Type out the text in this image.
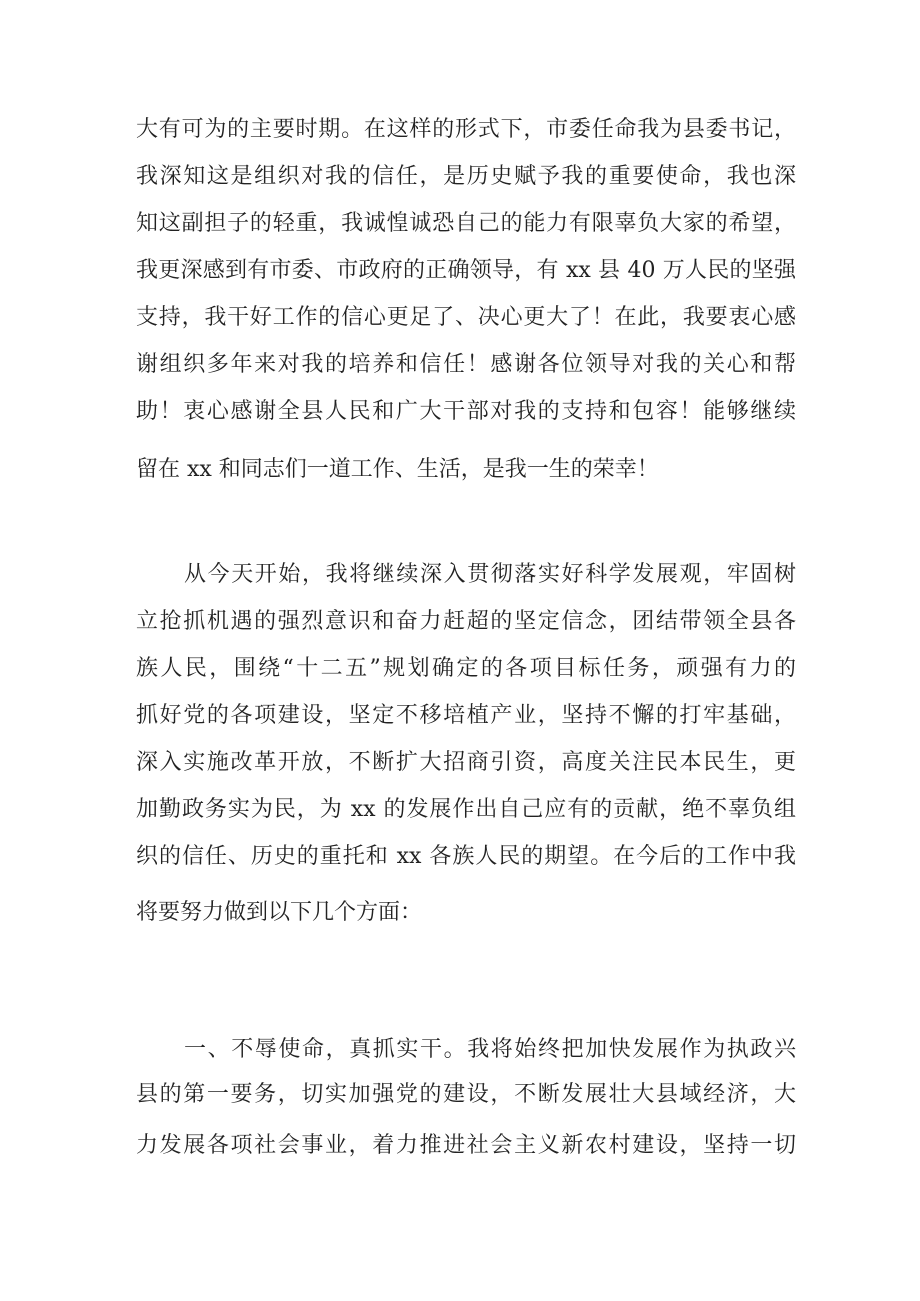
大有可为的主要时期。在这样的形式下，市委任命我为县委书记，
我深知这是组织对我的信任，是历史赋予我的重要使命，我也深
知这副担子的轻重，我诚惶诚恐自己的能力有限辜负大家的希望，
我更深感到有市委、市政府的正确领导，有 xx 县 40 万人民的坚强
支持，我干好工作的信心更足了、决心更大了！在此，我要衷心感
谢组织多年来对我的培养和信任！感谢各位领导对我的关心和帮
助！衷心感谢全县人民和广大干部对我的支持和包容！能够继续
留在 xx 和同志们一道工作、生活，是我一生的荣幸！
从今天开始，我将继续深入贯彻落实好科学发展观，牢固树
立抢抓机遇的强烈意识和奋力赶超的坚定信念，团结带领全县各
族人民，围绕“十二五”规划确定的各项目标任务，顽强有力的
抓好党的各项建设，坚定不移培植产业，坚持不懈的打牢基础，
深入实施改革开放，不断扩大招商引资，高度关注民本民生，更
加勤政务实为民，为 xx 的发展作出自己应有的贡献，绝不辜负组
织的信任、历史的重托和 xx 各族人民的期望。在今后的工作中我
将要努力做到以下几个方面：
一、不辱使命，真抓实干。我将始终把加快发展作为执政兴
县的第一要务，切实加强党的建设，不断发展壮大县域经济，大
力发展各项社会事业，着力推进社会主义新农村建设，坚持一切
